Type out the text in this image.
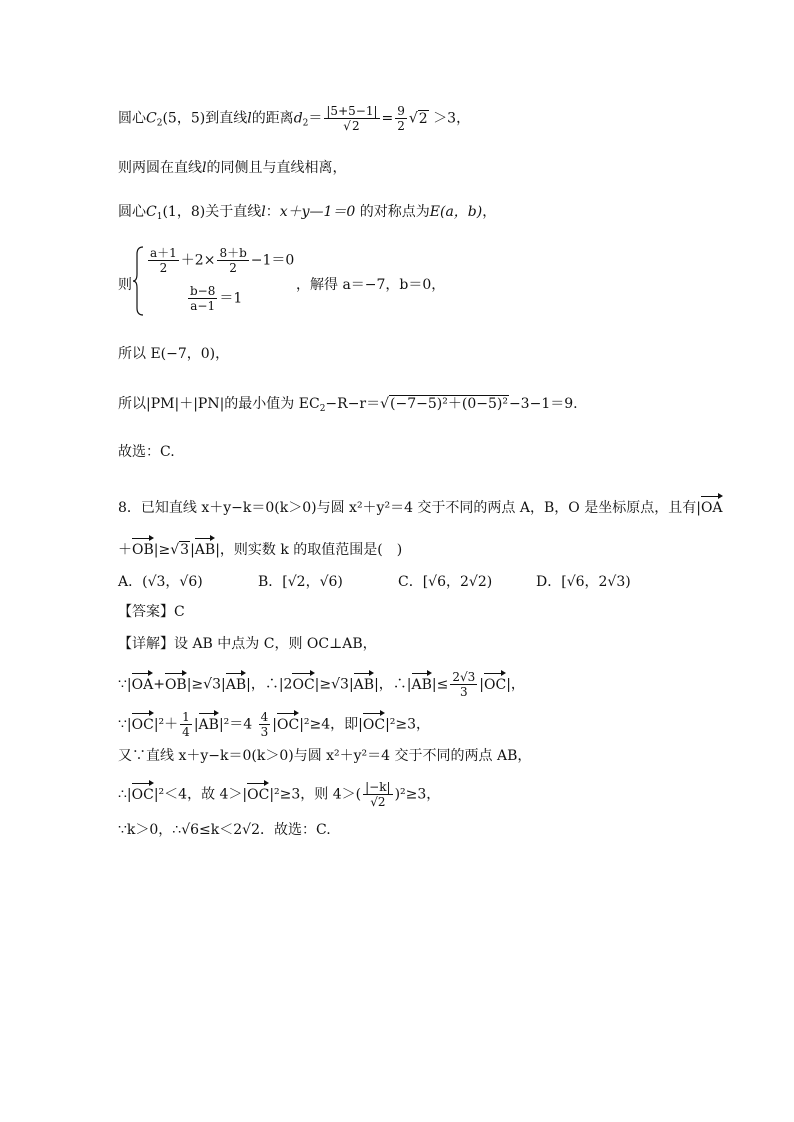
圆心$C_2(5$，5)到直线l的距离$d_2= \frac{|5+5-1|}{√2} = \frac{9}{2} √2 >3$，
则两圆在直线l的同侧且与直线相离，
圆心$C_1(1$，8)关于直线l：x＋y—1＝0 的对称点为E(a，b)，
则
$\frac{a+1}{2} +2\times \frac{8+b}{2} -1=0$
$\frac{b-8}{a-1} =1$
，解得 a＝−7，b＝0，
所以 E(−7，0)，
所以|PM|＋|PN|的最小值为 $EC_2-R-r=√(-7-5)^2+(0-5)^2-3-1=9$.
故选：C.
8．已知直线 x＋y−k＝0(k＞0)与圆 x²＋y²＝4 交于不同的两点 A，B，O 是坐标原点，且有|OA
＋OB|≥√3|AB|，则实数 k 的取值范围是(　)
A．(√3，√6)	B．[√2，√6)	C．[√6，2√2)	D．[√6，2√3)
【答案】C
【详解】设 AB 中点为 C，则 OC⊥AB，
∵|OA+OB|≥√3|AB|，∴|2OC|≥√3|AB|，∴|AB|≤ $\frac{2√3}{3} |OC|$，
∵|OC|²＋ $\frac{1}{4} |AB|^2=4 \frac{4}{3} |OC|^2\ge 4$，即|OC|²≥3，
又∵直线 x＋y−k＝0(k＞0)与圆 x²＋y²＝4 交于不同的两点 AB，
∴|OC|²＜4，故 4＞|OC|²≥3，则 $4>( \frac{|-k|}{√2} )^2\ge 3$，
∵k＞0，∴√6≤k＜2√2．故选：C.
